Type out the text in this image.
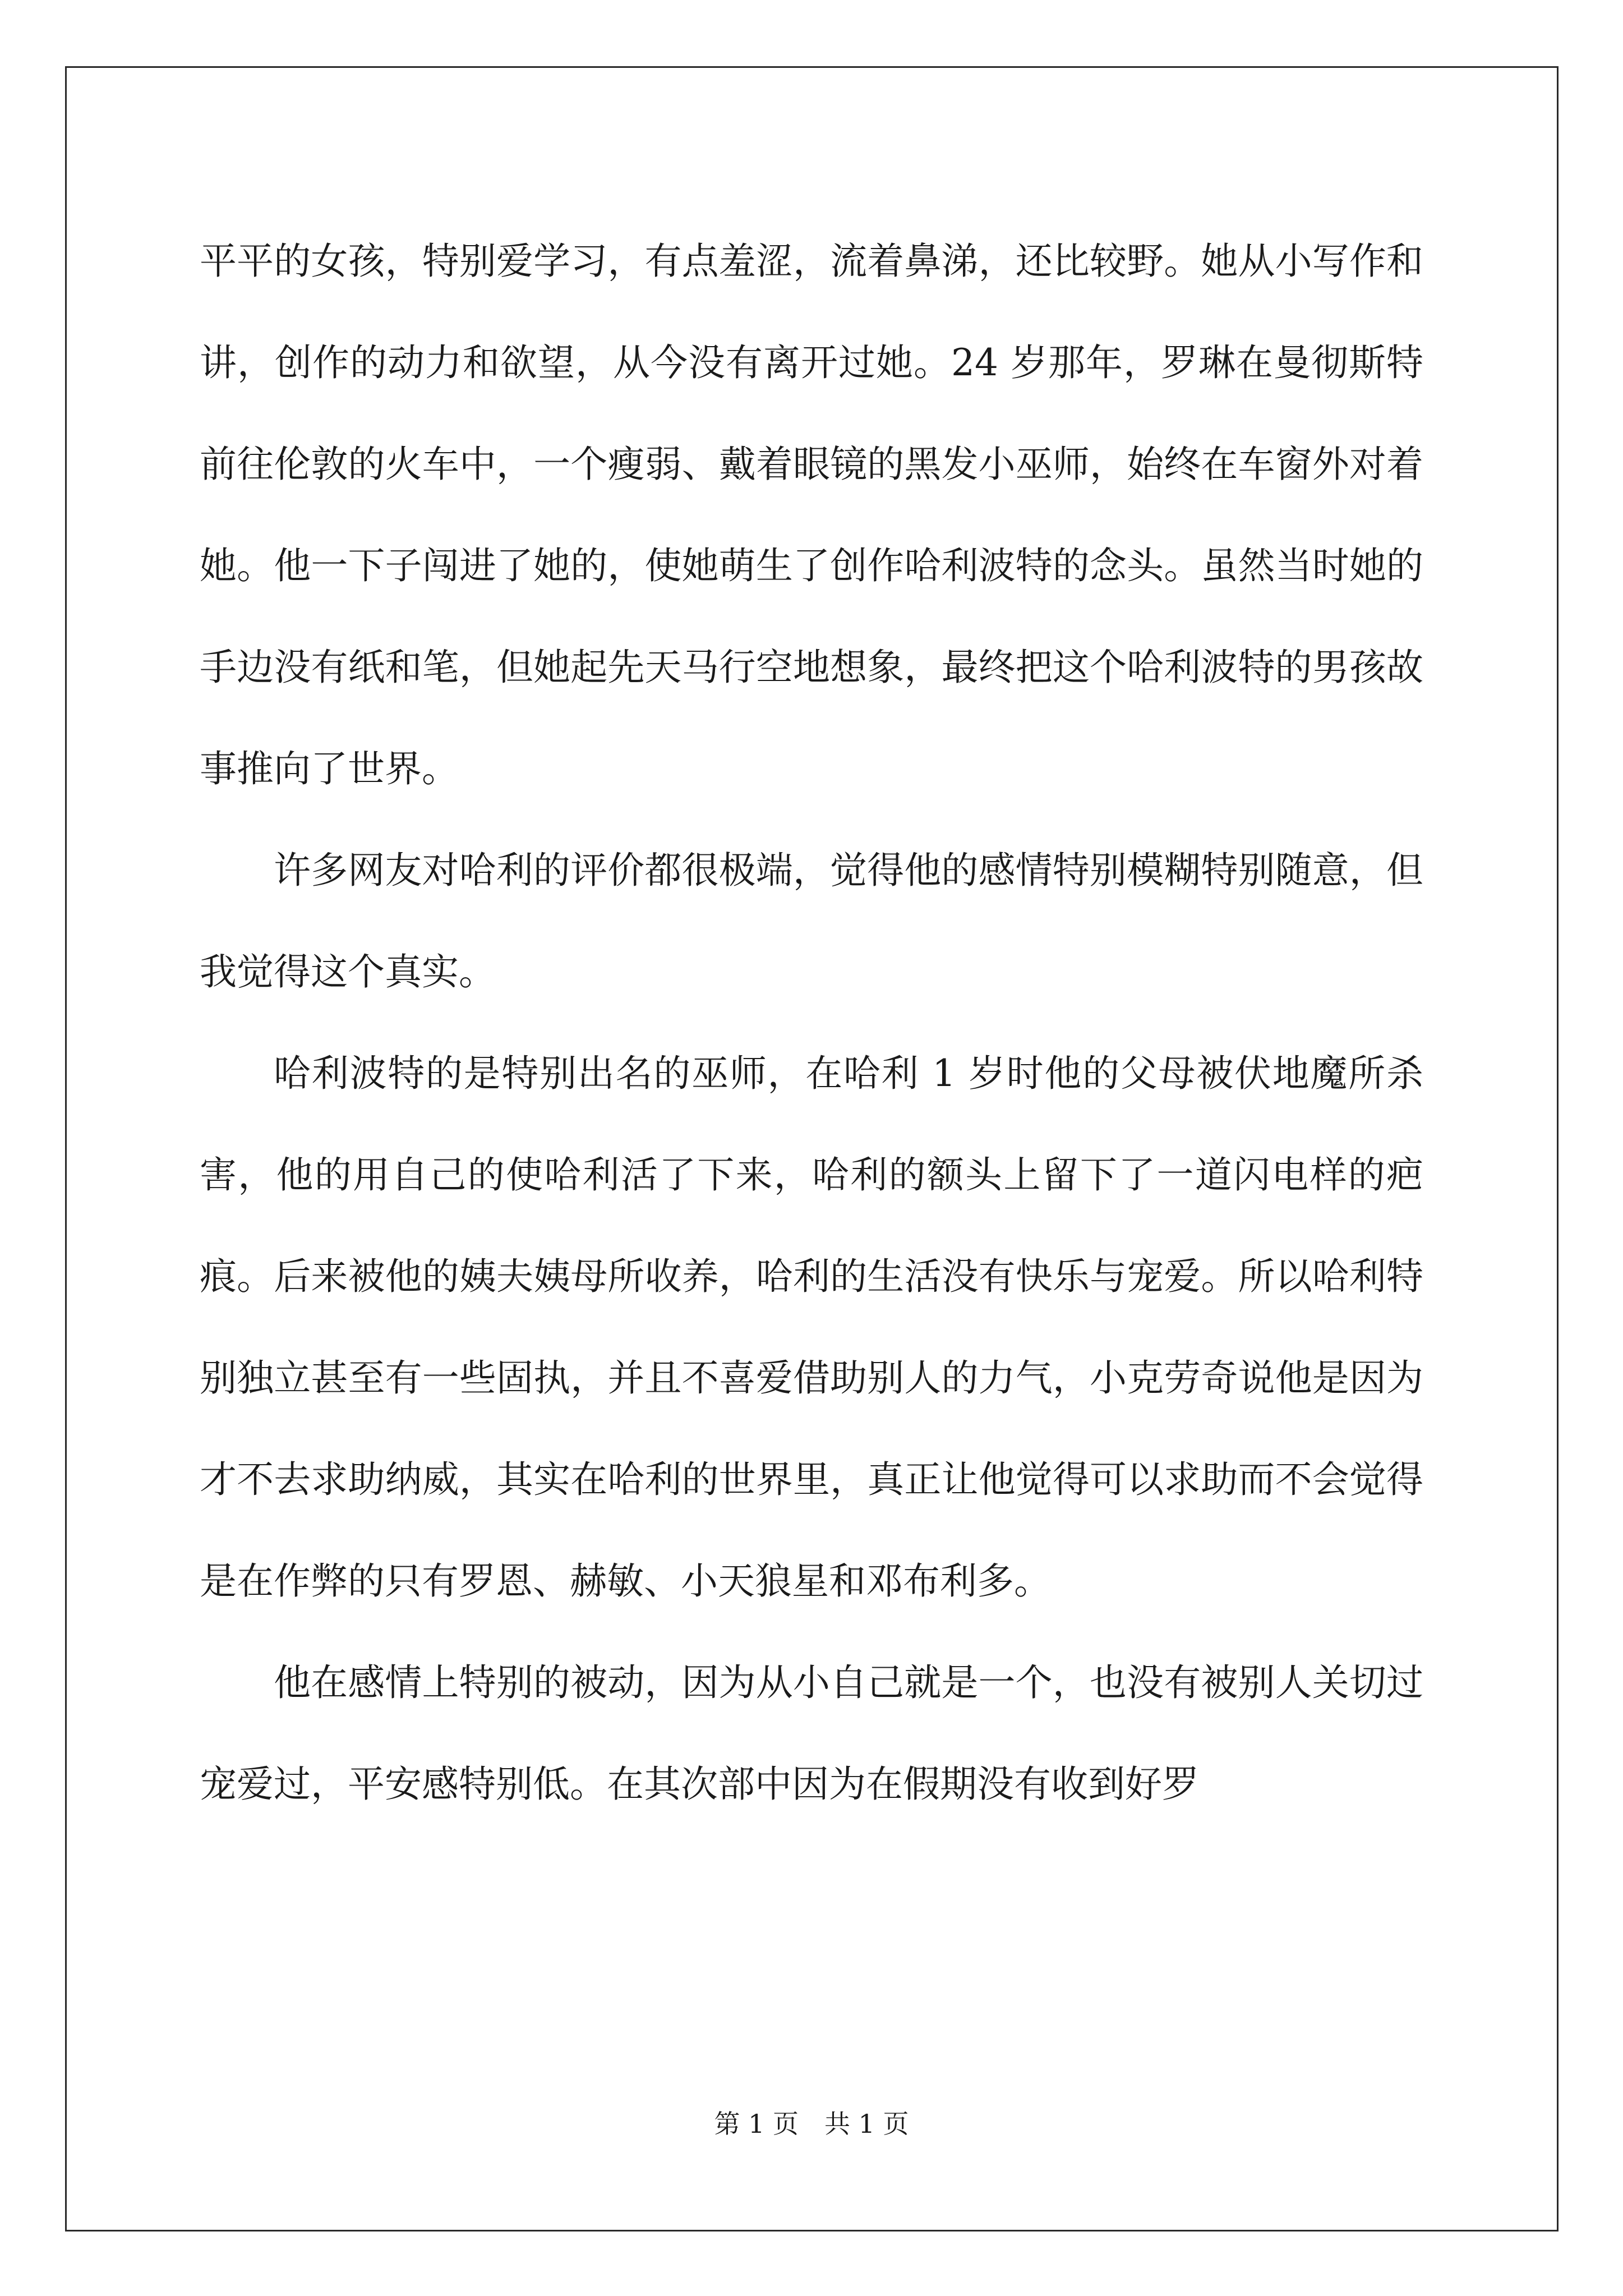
平平的女孩，特别爱学习，有点羞涩，流着鼻涕，还比较野。她从小写作和讲，创作的动力和欲望，从今没有离开过她。24 岁那年，罗琳在曼彻斯特前往伦敦的火车中，一个瘦弱、戴着眼镜的黑发小巫师，始终在车窗外对着她。他一下子闯进了她的，使她萌生了创作哈利波特的念头。虽然当时她的手边没有纸和笔，但她起先天马行空地想象，最终把这个哈利波特的男孩故事推向了世界。

许多网友对哈利的评价都很极端，觉得他的感情特别模糊特别随意，但我觉得这个真实。

哈利波特的是特别出名的巫师，在哈利 1 岁时他的父母被伏地魔所杀害，他的用自己的使哈利活了下来，哈利的额头上留下了一道闪电样的疤痕。后来被他的姨夫姨母所收养，哈利的生活没有快乐与宠爱。所以哈利特别独立甚至有一些固执，并且不喜爱借助别人的力气，小克劳奇说他是因为才不去求助纳威，其实在哈利的世界里，真正让他觉得可以求助而不会觉得是在作弊的只有罗恩、赫敏、小天狼星和邓布利多。

他在感情上特别的被动，因为从小自己就是一个，也没有被别人关切过宠爱过，平安感特别低。在其次部中因为在假期没有收到好罗

第 1 页 共 1 页
